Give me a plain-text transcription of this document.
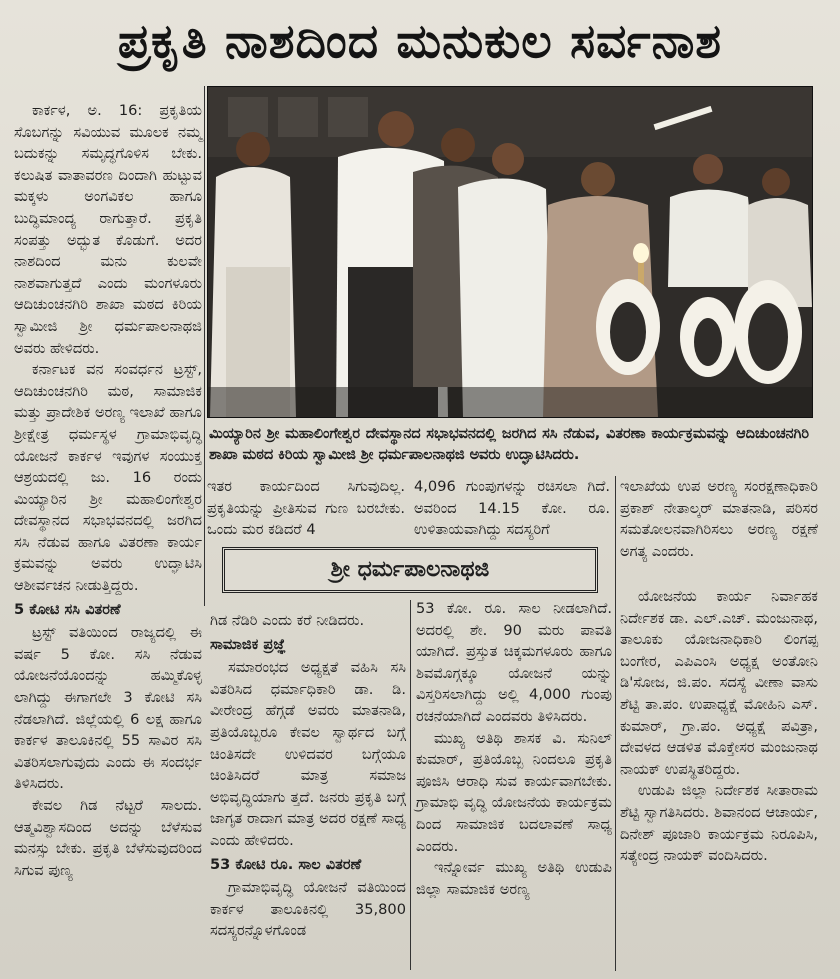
ಪ್ರಕೃತಿ ನಾಶದಿಂದ ಮನುಕುಲ ಸರ್ವನಾಶ

ಕಾರ್ಕಳ, ಅ. 16: ಪ್ರಕೃತಿಯ ಸೊಬಗನ್ನು ಸವಿಯುವ ಮೂಲಕ ನಮ್ಮ ಬದುಕನ್ನು ಸಮೃದ್ಧಗೊಳಿಸ ಬೇಕು. ಕಲುಷಿತ ವಾತಾವರಣ ದಿಂದಾಗಿ ಹುಟ್ಟುವ ಮಕ್ಕಳು ಅಂಗವಿಕಲ ಹಾಗೂ ಬುದ್ಧಿಮಾಂದ್ಯ ರಾಗುತ್ತಾರೆ. ಪ್ರಕೃತಿ ಸಂಪತ್ತು ಅದ್ಭುತ ಕೊಡುಗೆ. ಅದರ ನಾಶದಿಂದ ಮನು ಕುಲವೇ ನಾಶವಾಗುತ್ತದೆ ಎಂದು ಮಂಗಳೂರು ಆದಿಚುಂಚನಗಿರಿ ಶಾಖಾ ಮಠದ ಕಿರಿಯ ಸ್ವಾಮೀಜಿ ಶ್ರೀ ಧರ್ಮಪಾಲನಾಥಜಿ ಅವರು ಹೇಳಿದರು.

ಕರ್ನಾಟಕ ವನ ಸಂವರ್ಧನ ಟ್ರಸ್ಟ್, ಆದಿಚುಂಚನಗಿರಿ ಮಠ, ಸಾಮಾಜಿಕ ಮತ್ತು ಪ್ರಾದೇಶಿಕ ಅರಣ್ಯ ಇಲಾಖೆ ಹಾಗೂ ಶ್ರೀಕ್ಷೇತ್ರ ಧರ್ಮಸ್ಥಳ ಗ್ರಾಮಾಭಿವೃದ್ಧಿ ಯೋಜನೆ ಕಾರ್ಕಳ ಇವುಗಳ ಸಂಯುಕ್ತ ಆಶ್ರಯದಲ್ಲಿ ಜು. 16 ರಂದು ಮಿಯ್ಯಾರಿನ ಶ್ರೀ ಮಹಾಲಿಂಗೇಶ್ವರ ದೇವಸ್ಥಾನದ ಸಭಾಭವನದಲ್ಲಿ ಜರಗಿದ ಸಸಿ ನೆಡುವ ಹಾಗೂ ವಿತರಣಾ ಕಾರ್ಯ ಕ್ರಮವನ್ನು ಅವರು ಉದ್ಘಾಟಿಸಿ ಆಶೀರ್ವಚನ ನೀಡುತ್ತಿದ್ದರು.

5 ಕೋಟಿ ಸಸಿ ವಿತರಣೆ

ಟ್ರಸ್ಟ್ ವತಿಯಿಂದ ರಾಜ್ಯದಲ್ಲಿ ಈ ವರ್ಷ 5 ಕೋ. ಸಸಿ ನೆಡುವ ಯೋಜನೆಯೊಂದನ್ನು ಹಮ್ಮಿಕೊಳ್ಳ ಲಾಗಿದ್ದು ಈಗಾಗಲೇ 3 ಕೋಟಿ ಸಸಿ ನೆಡಲಾಗಿದೆ. ಜಿಲ್ಲೆಯಲ್ಲಿ 6 ಲಕ್ಷ ಹಾಗೂ ಕಾರ್ಕಳ ತಾಲೂಕಿನಲ್ಲಿ 55 ಸಾವಿರ ಸಸಿ ವಿತರಿಸಲಾಗುವುದು ಎಂದು ಈ ಸಂದರ್ಭ ತಿಳಿಸಿದರು.

ಕೇವಲ ಗಿಡ ನೆಟ್ಟರೆ ಸಾಲದು. ಆತ್ಮವಿಶ್ವಾಸದಿಂದ ಅದನ್ನು ಬೆಳೆಸುವ ಮನಸ್ಸು ಬೇಕು. ಪ್ರಕೃತಿ ಬೆಳೆಸುವುದರಿಂದ ಸಿಗುವ ಪುಣ್ಯ

ಮಿಯ್ಯಾರಿನ ಶ್ರೀ ಮಹಾಲಿಂಗೇಶ್ವರ ದೇವಸ್ಥಾನದ ಸಭಾಭವನದಲ್ಲಿ ಜರಗಿದ ಸಸಿ ನೆಡುವ, ವಿತರಣಾ ಕಾರ್ಯಕ್ರಮವನ್ನು ಆದಿಚುಂಚನಗಿರಿ ಶಾಖಾ ಮಠದ ಕಿರಿಯ ಸ್ವಾಮೀಜಿ ಶ್ರೀ ಧರ್ಮಪಾಲನಾಥಜಿ ಅವರು ಉದ್ಘಾಟಿಸಿದರು.

ಇತರ ಕಾರ್ಯದಿಂದ ಸಿಗುವುದಿಲ್ಲ. ಪ್ರಕೃತಿಯನ್ನು ಪ್ರೀತಿಸುವ ಗುಣ ಬರಬೇಕು. ಒಂದು ಮರ ಕಡಿದರೆ 4

4,096 ಗುಂಪುಗಳನ್ನು ರಚಿಸಲಾ ಗಿದೆ. ಅವರಿಂದ 14.15 ಕೋ. ರೂ. ಉಳಿತಾಯವಾಗಿದ್ದು ಸದಸ್ಯರಿಗೆ

ಇಲಾಖೆಯ ಉಪ ಅರಣ್ಯ ಸಂರಕ್ಷಣಾಧಿಕಾರಿ ಪ್ರಕಾಶ್ ನೇತಾಲ್ಕರ್ ಮಾತನಾಡಿ, ಪರಿಸರ ಸಮತೋಲನವಾಗಿರಿಸಲು ಅರಣ್ಯ ರಕ್ಷಣೆ ಅಗತ್ಯ ಎಂದರು.

ಶ್ರೀ ಧರ್ಮಪಾಲನಾಥಜಿ

ಗಿಡ ನೆಡಿರಿ ಎಂದು ಕರೆ ನೀಡಿದರು.

ಸಾಮಾಜಿಕ ಪ್ರಜ್ಞೆ

ಸಮಾರಂಭದ ಅಧ್ಯಕ್ಷತೆ ವಹಿಸಿ ಸಸಿ ವಿತರಿಸಿದ ಧರ್ಮಾಧಿಕಾರಿ ಡಾ. ಡಿ. ವೀರೇಂದ್ರ ಹೆಗ್ಗಡೆ ಅವರು ಮಾತನಾಡಿ, ಪ್ರತಿಯೊಬ್ಬರೂ ಕೇವಲ ಸ್ವಾರ್ಥದ ಬಗ್ಗೆ ಚಿಂತಿಸದೇ ಉಳಿದವರ ಬಗ್ಗೆಯೂ ಚಿಂತಿಸಿದರೆ ಮಾತ್ರ ಸಮಾಜ ಅಭಿವೃದ್ಧಿಯಾಗು ತ್ತದೆ. ಜನರು ಪ್ರಕೃತಿ ಬಗ್ಗೆ ಜಾಗೃತ ರಾದಾಗ ಮಾತ್ರ ಅದರ ರಕ್ಷಣೆ ಸಾಧ್ಯ ಎಂದು ಹೇಳಿದರು.

53 ಕೋಟಿ ರೂ. ಸಾಲ ವಿತರಣೆ

ಗ್ರಾಮಾಭಿವೃದ್ಧಿ ಯೋಜನೆ ವತಿಯಿಂದ ಕಾರ್ಕಳ ತಾಲೂಕಿನಲ್ಲಿ 35,800 ಸದಸ್ಯರನ್ನೊಳಗೊಂಡ

53 ಕೋ. ರೂ. ಸಾಲ ನೀಡಲಾಗಿದೆ. ಅದರಲ್ಲಿ ಶೇ. 90 ಮರು ಪಾವತಿ ಯಾಗಿದೆ. ಪ್ರಸ್ತುತ ಚಿಕ್ಕಮಗಳೂರು ಹಾಗೂ ಶಿವಮೊಗ್ಗಕ್ಕೂ ಯೋಜನೆ ಯನ್ನು ವಿಸ್ತರಿಸಲಾಗಿದ್ದು ಅಲ್ಲಿ 4,000 ಗುಂಪು ರಚನೆಯಾಗಿದೆ ಎಂದವರು ತಿಳಿಸಿದರು.

ಮುಖ್ಯ ಅತಿಥಿ ಶಾಸಕ ವಿ. ಸುನಿಲ್ ಕುಮಾರ್, ಪ್ರತಿಯೊಬ್ಬ ನಿಂದಲೂ ಪ್ರಕೃತಿ ಪೂಜಿಸಿ ಆರಾಧಿ ಸುವ ಕಾರ್ಯವಾಗಬೇಕು. ಗ್ರಾಮಾಭಿ ವೃದ್ಧಿ ಯೋಜನೆಯ ಕಾರ್ಯಕ್ರಮ ದಿಂದ ಸಾಮಾಜಿಕ ಬದಲಾವಣೆ ಸಾಧ್ಯ ಎಂದರು.

ಇನ್ನೋರ್ವ ಮುಖ್ಯ ಅತಿಥಿ ಉಡುಪಿ ಜಿಲ್ಲಾ ಸಾಮಾಜಿಕ ಅರಣ್ಯ

ಯೋಜನೆಯ ಕಾರ್ಯ ನಿರ್ವಾಹಕ ನಿರ್ದೇಶಕ ಡಾ. ಎಲ್.ಎಚ್. ಮಂಜುನಾಥ, ತಾಲೂಕು ಯೋಜನಾಧಿಕಾರಿ ಲಿಂಗಪ್ಪ ಬಂಗೇರ, ಎಪಿಎಂಸಿ ಅಧ್ಯಕ್ಷ ಅಂತೋನಿ ಡಿ'ಸೋಜ, ಜಿ.ಪಂ. ಸದಸ್ಯೆ ವೀಣಾ ವಾಸು ಶೆಟ್ಟಿ ತಾ.ಪಂ. ಉಪಾಧ್ಯಕ್ಷೆ ಮೋಹಿನಿ ಎಸ್. ಕುಮಾರ್, ಗ್ರಾ.ಪಂ. ಅಧ್ಯಕ್ಷೆ ಪವಿತ್ರಾ, ದೇವಳದ ಆಡಳಿತ ಮೊಕ್ತೇಸರ ಮಂಜುನಾಥ ನಾಯಕ್ ಉಪಸ್ಥಿತರಿದ್ದರು.

ಉಡುಪಿ ಜಿಲ್ಲಾ ನಿರ್ದೇಶಕ ಸೀತಾರಾಮ ಶೆಟ್ಟಿ ಸ್ವಾಗತಿಸಿದರು. ಶಿವಾನಂದ ಆಚಾರ್ಯ, ದಿನೇಶ್ ಪೂಜಾರಿ ಕಾರ್ಯಕ್ರಮ ನಿರೂಪಿಸಿ, ಸತ್ಯೇಂದ್ರ ನಾಯಕ್ ವಂದಿಸಿದರು.
